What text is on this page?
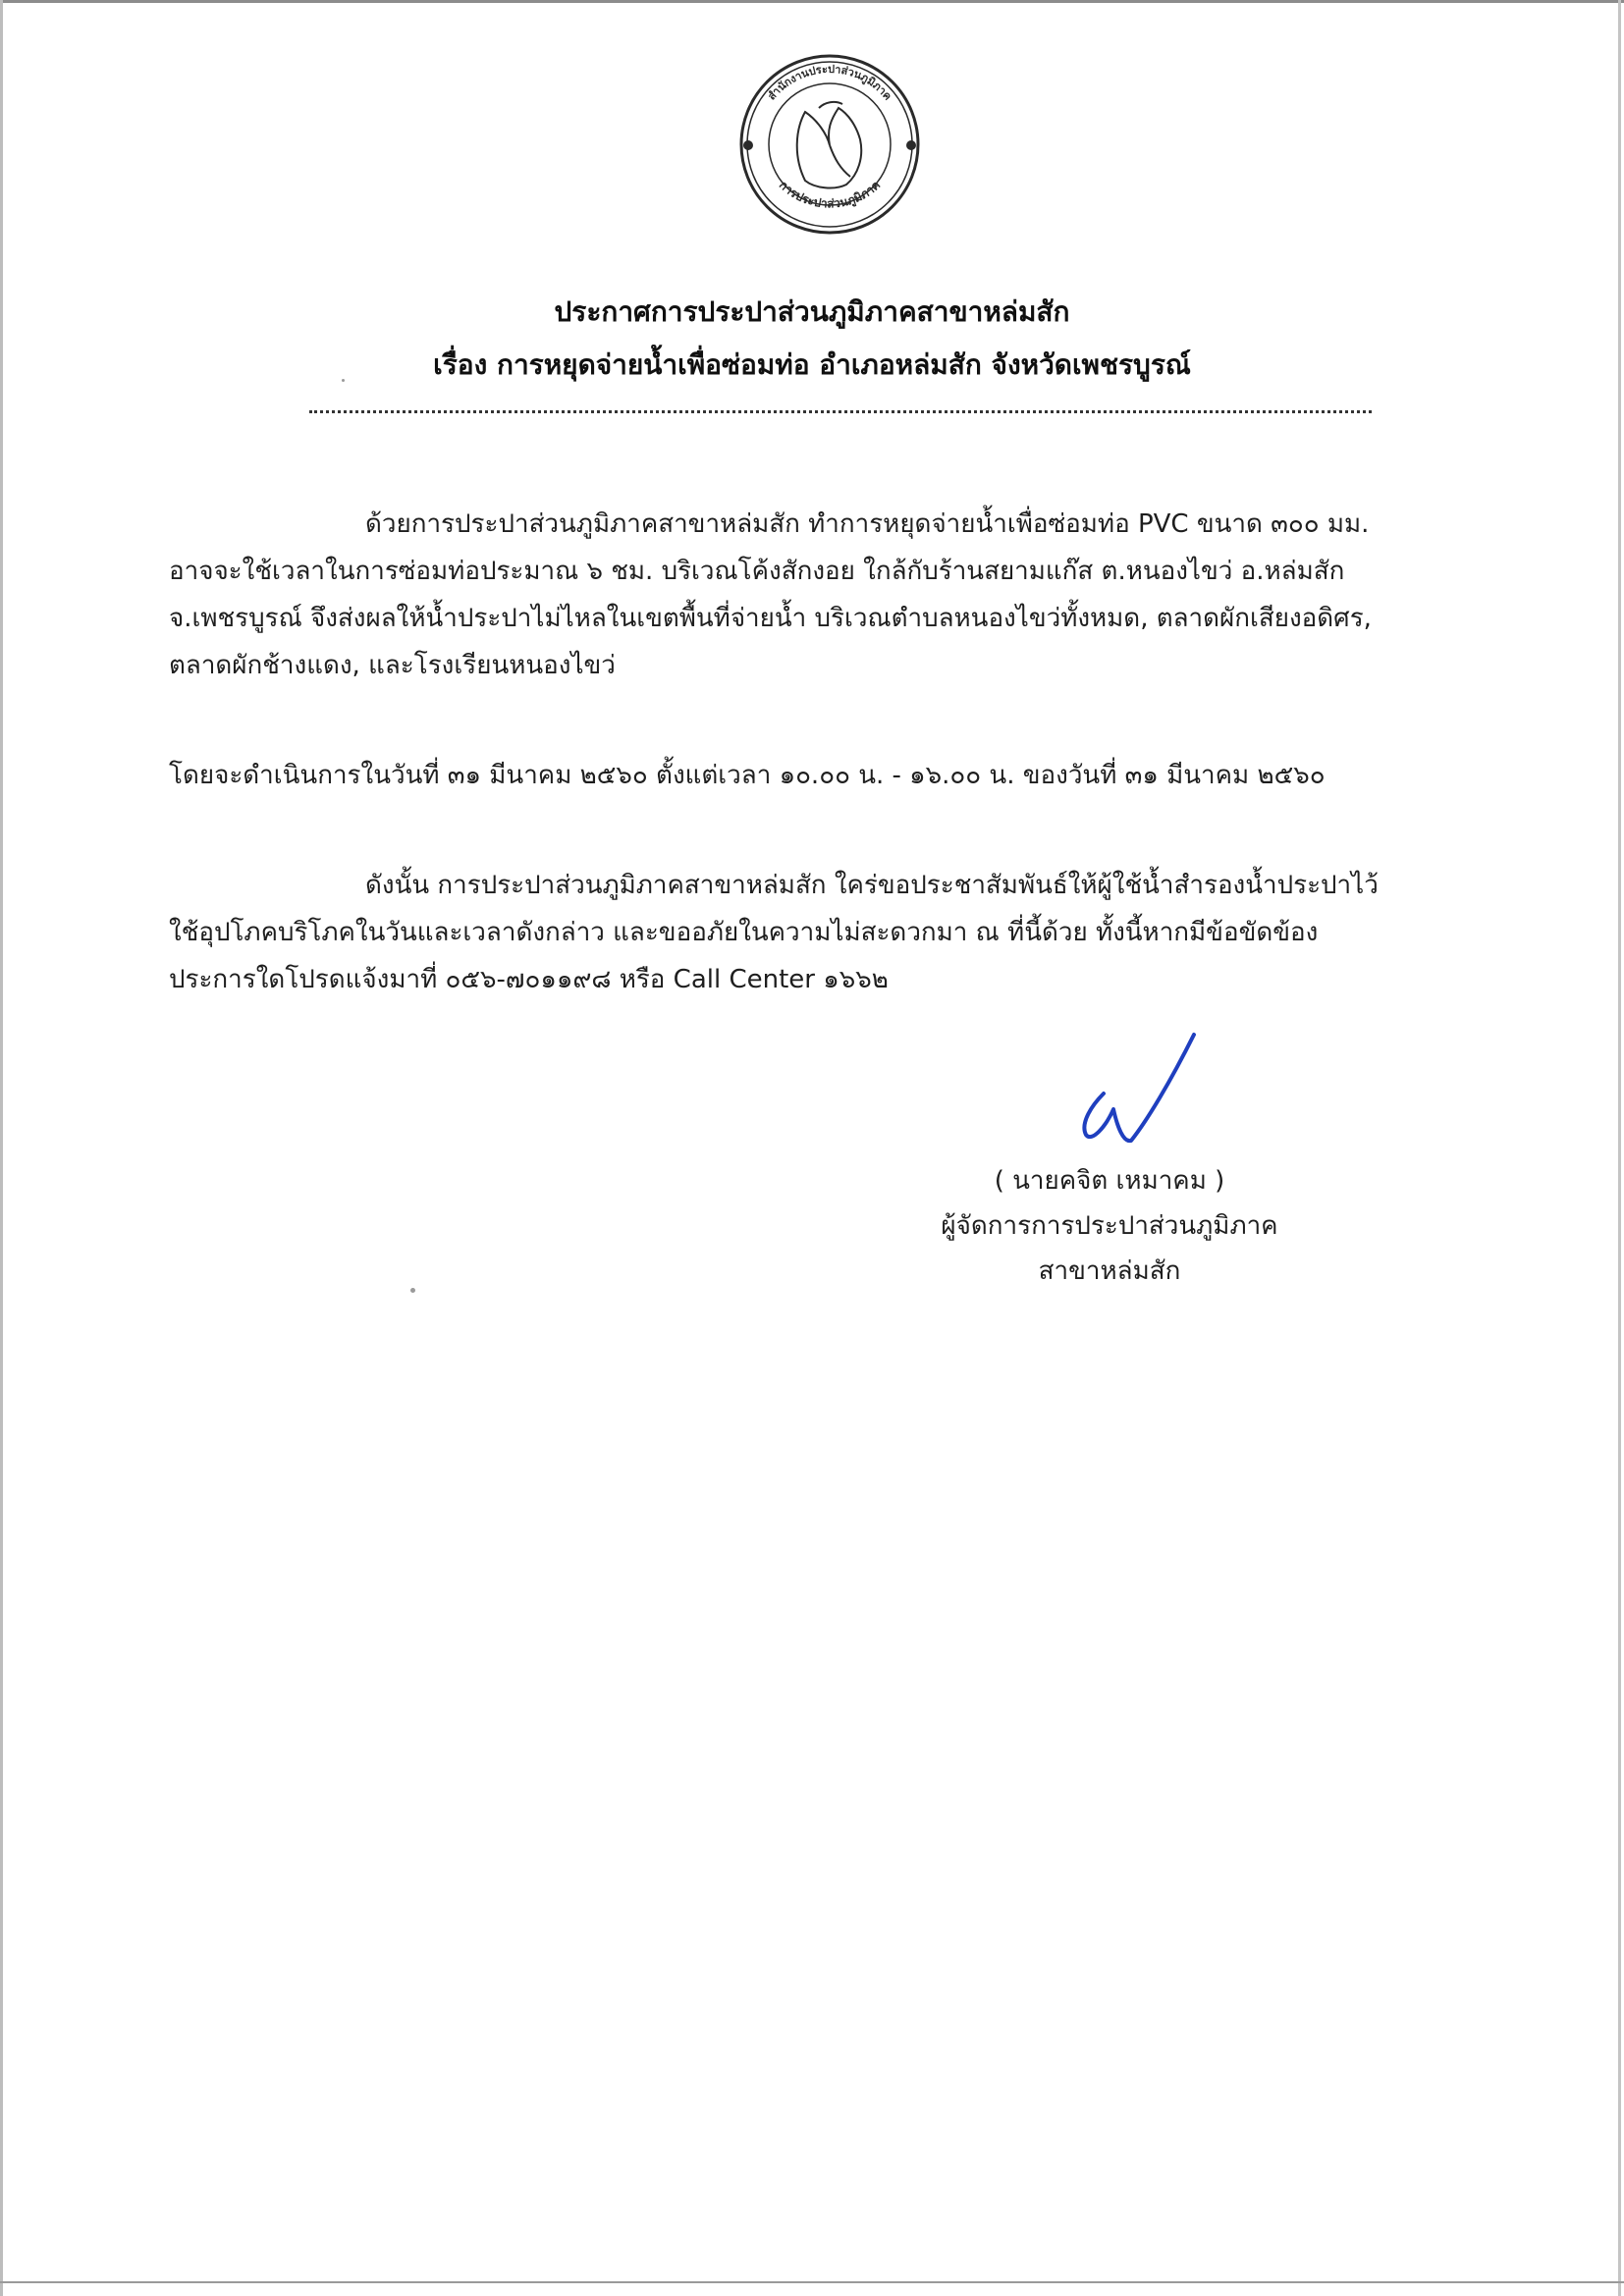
สำนักงานประปาส่วนภูมิภาค
การประปาส่วนภูมิภาค
ประกาศการประปาส่วนภูมิภาคสาขาหล่มสัก
เรื่อง การหยุดจ่ายน้ำเพื่อซ่อมท่อ อำเภอหล่มสัก จังหวัดเพชรบูรณ์

ด้วยการประปาส่วนภูมิภาคสาขาหล่มสัก ทำการหยุดจ่ายน้ำเพื่อซ่อมท่อ PVC ขนาด ๓๐๐ มม.
อาจจะใช้เวลาในการซ่อมท่อประมาณ ๖ ชม. บริเวณโค้งสักงอย ใกล้กับร้านสยามแก๊ส ต.หนองไขว่ อ.หล่มสัก
จ.เพชรบูรณ์ จึงส่งผลให้น้ำประปาไม่ไหลในเขตพื้นที่จ่ายน้ำ บริเวณตำบลหนองไขว่ทั้งหมด, ตลาดผักเสียงอดิศร,
ตลาดผักช้างแดง, และโรงเรียนหนองไขว่

โดยจะดำเนินการในวันที่ ๓๑ มีนาคม ๒๕๖๐ ตั้งแต่เวลา ๑๐.๐๐ น. - ๑๖.๐๐ น. ของวันที่ ๓๑ มีนาคม ๒๕๖๐

ดังนั้น การประปาส่วนภูมิภาคสาขาหล่มสัก ใคร่ขอประชาสัมพันธ์ให้ผู้ใช้น้ำสำรองน้ำประปาไว้
ใช้อุปโภคบริโภคในวันและเวลาดังกล่าว และขออภัยในความไม่สะดวกมา ณ ที่นี้ด้วย ทั้งนี้หากมีข้อขัดข้อง
ประการใดโปรดแจ้งมาที่ ๐๕๖-๗๐๑๑๙๘ หรือ Call Center ๑๖๖๒

( นายคจิต เหมาคม )
ผู้จัดการการประปาส่วนภูมิภาค
สาขาหล่มสัก
